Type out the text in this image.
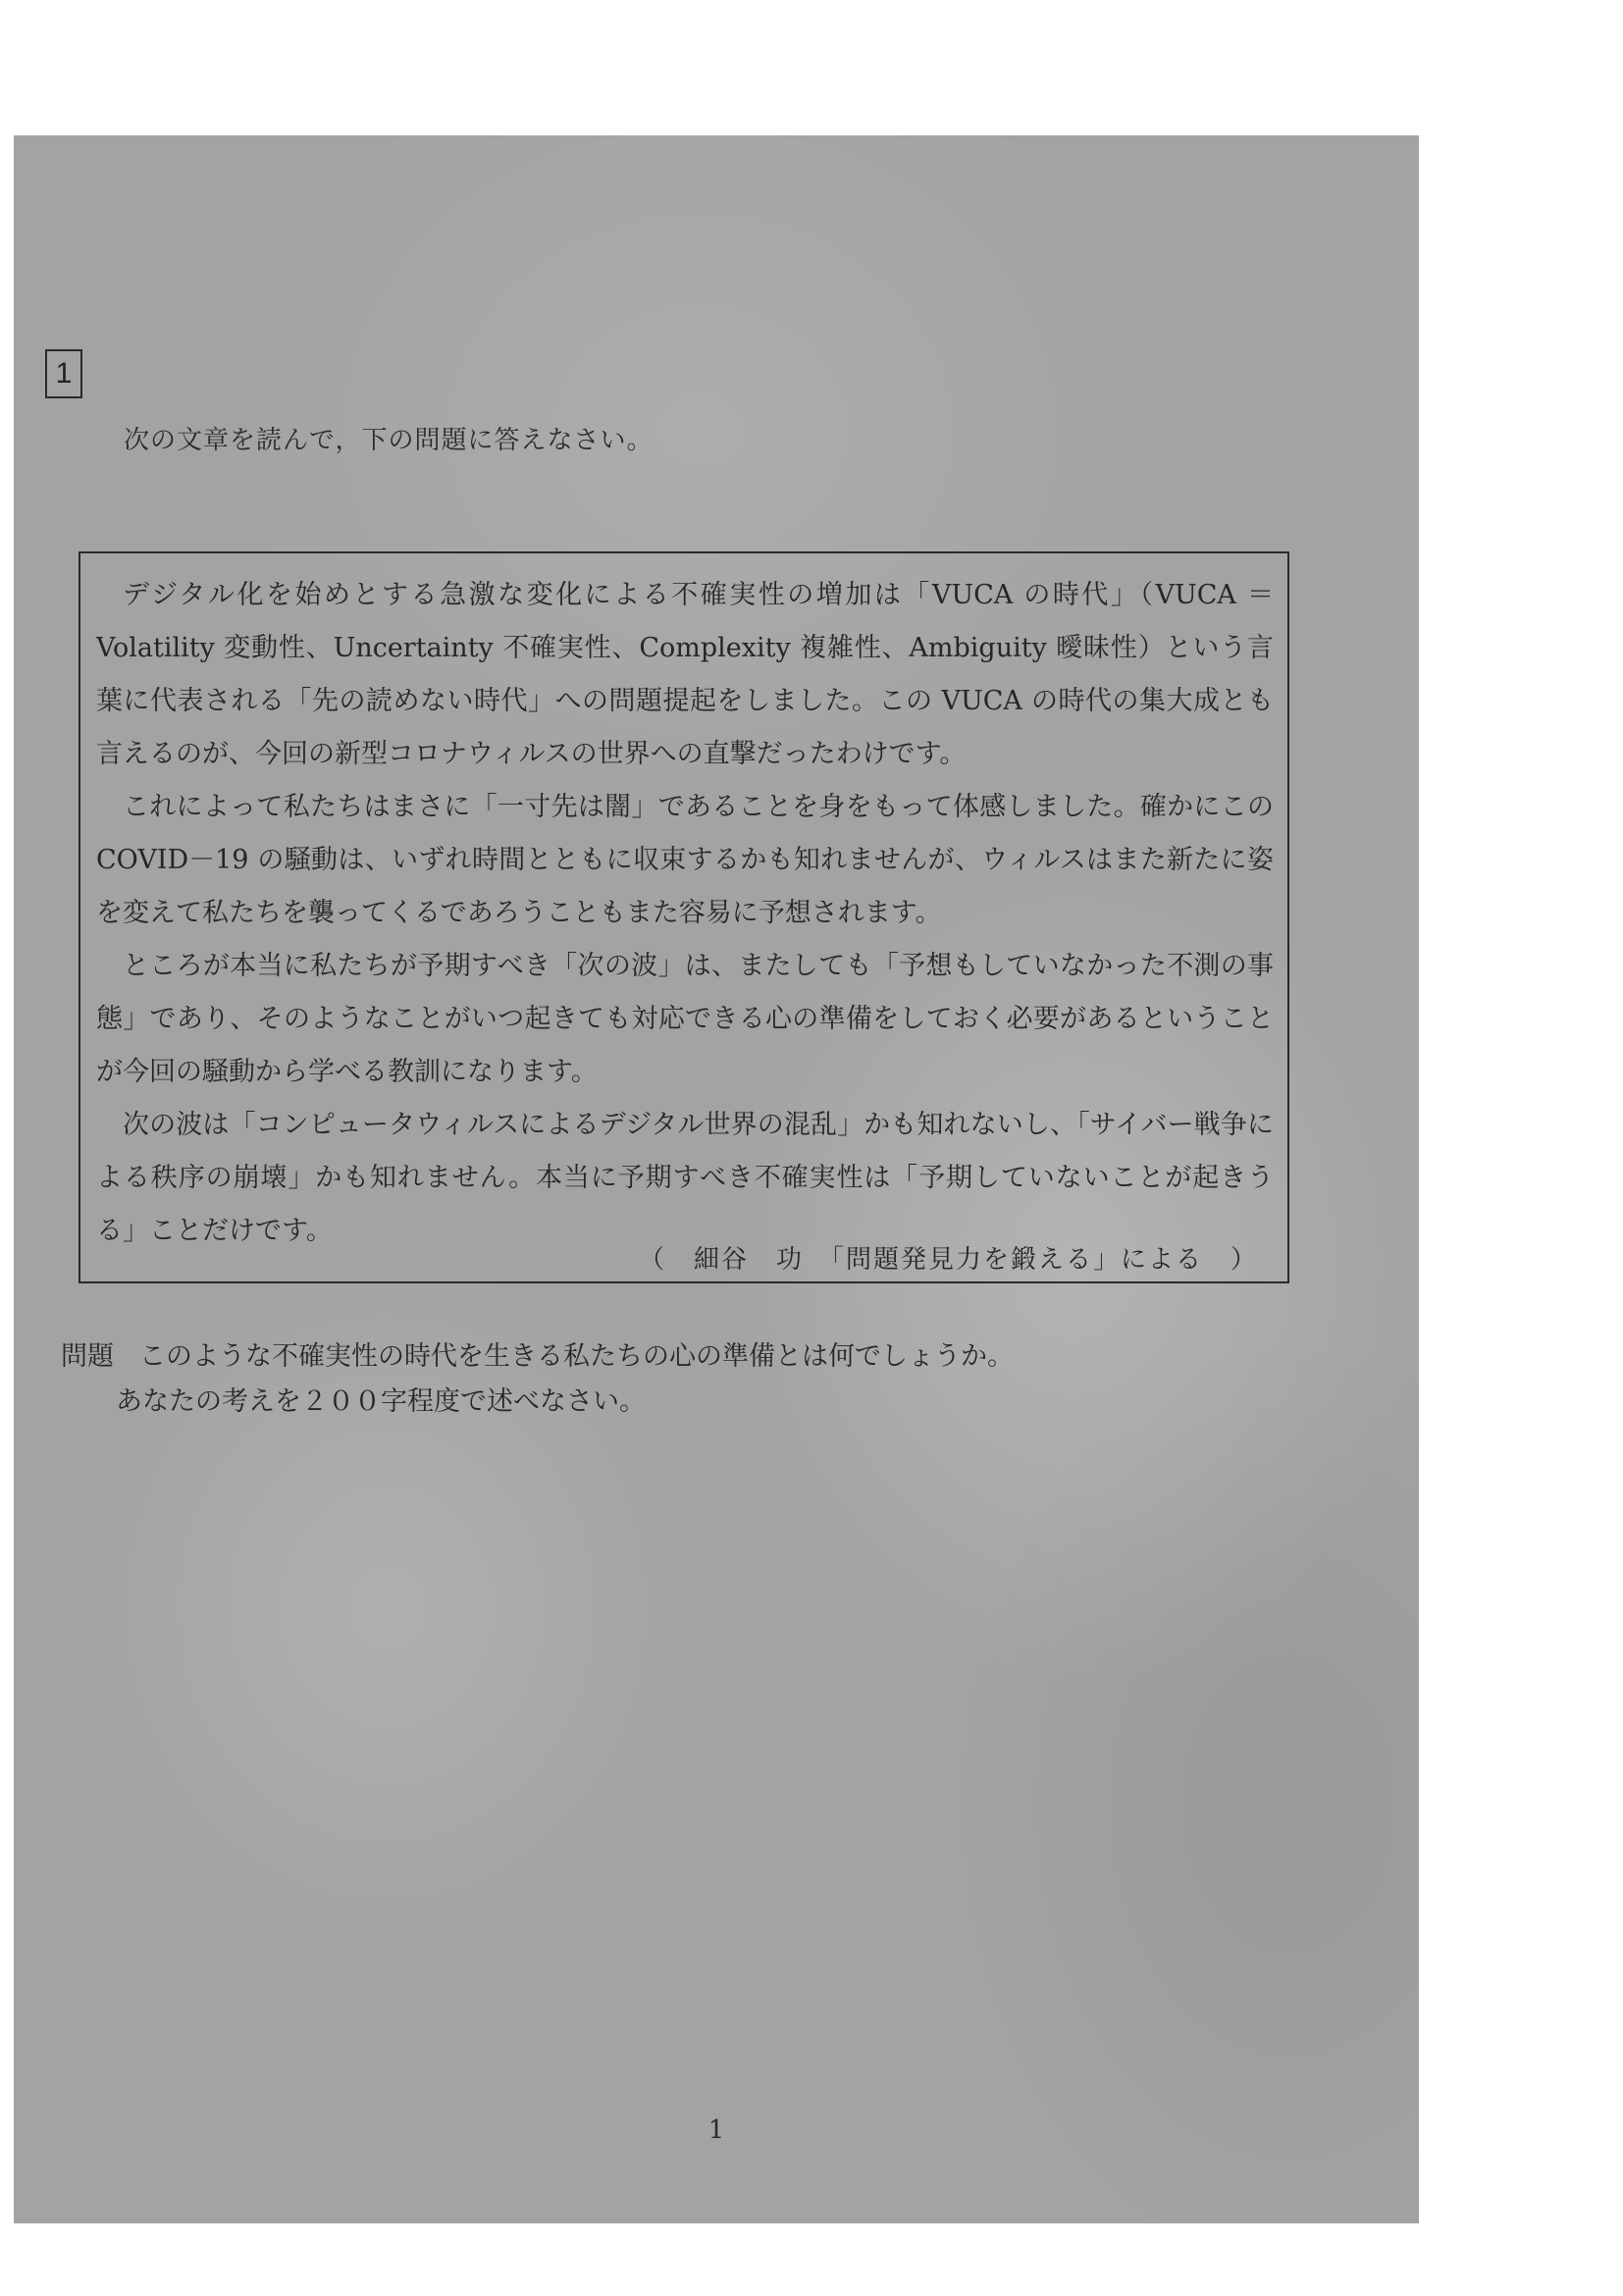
1
次の文章を読んで，下の問題に答えなさい。

デジタル化を始めとする急激な変化による不確実性の増加は「VUCA の時代」（VUCA ＝ Volatility 変動性、Uncertainty 不確実性、Complexity 複雑性、Ambiguity 曖昧性）という言葉に代表される「先の読めない時代」への問題提起をしました。この VUCA の時代の集大成とも言えるのが、今回の新型コロナウィルスの世界への直撃だったわけです。

これによって私たちはまさに「一寸先は闇」であることを身をもって体感しました。確かにこの COVID－19 の騒動は、いずれ時間とともに収束するかも知れませんが、ウィルスはまた新たに姿を変えて私たちを襲ってくるであろうこともまた容易に予想されます。

ところが本当に私たちが予期すべき「次の波」は、またしても「予想もしていなかった不測の事態」であり、そのようなことがいつ起きても対応できる心の準備をしておく必要があるということが今回の騒動から学べる教訓になります。

次の波は「コンピュータウィルスによるデジタル世界の混乱」かも知れないし、「サイバー戦争による秩序の崩壊」かも知れません。本当に予期すべき不確実性は「予期していないことが起きうる」ことだけです。

（　細谷　功　「問題発見力を鍛える」による　）
問題 このような不確実性の時代を生きる私たちの心の準備とは何でしょうか。
あなたの考えを２００字程度で述べなさい。
1
